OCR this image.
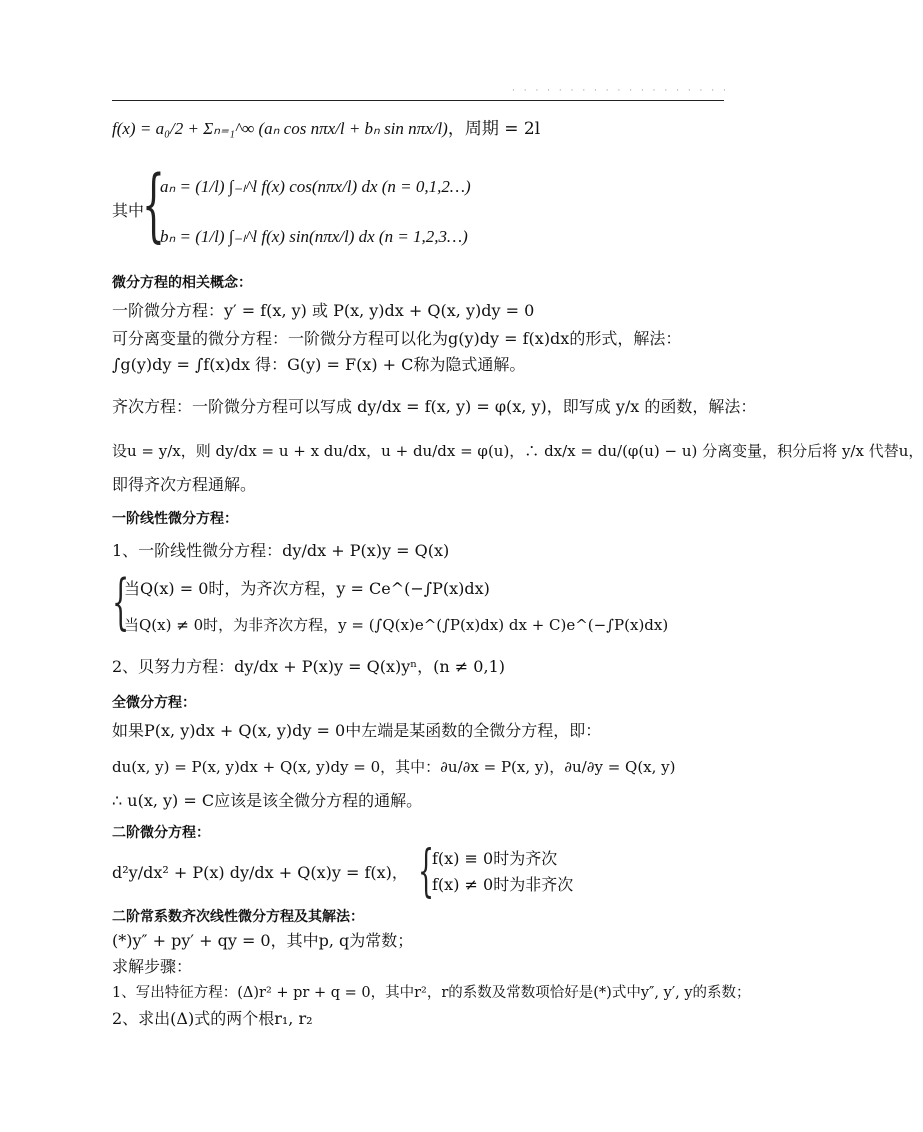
· · · · · · · · · · · · · · · · · · ·
f(x) = a₀/2 + Σₙ₌₁^∞ (aₙ cos nπx/l + bₙ sin nπx/l)，周期 = 2l
其中
{
aₙ = (1/l) ∫₋ₗ^l f(x) cos(nπx/l) dx (n = 0,1,2…)
bₙ = (1/l) ∫₋ₗ^l f(x) sin(nπx/l) dx (n = 1,2,3…)
微分方程的相关概念：
一阶微分方程：y′ = f(x, y) 或 P(x, y)dx + Q(x, y)dy = 0
可分离变量的微分方程：一阶微分方程可以化为g(y)dy = f(x)dx的形式，解法：
∫g(y)dy = ∫f(x)dx 得：G(y) = F(x) + C称为隐式通解。
齐次方程：一阶微分方程可以写成 dy/dx = f(x, y) = φ(x, y)，即写成 y/x 的函数，解法：
设u = y/x，则 dy/dx = u + x du/dx，u + du/dx = φ(u)，∴ dx/x = du/(φ(u) − u) 分离变量，积分后将 y/x 代替u，
即得齐次方程通解。
一阶线性微分方程：
1、一阶线性微分方程：dy/dx + P(x)y = Q(x)
{
当Q(x) = 0时，为齐次方程，y = Ce^(−∫P(x)dx)
当Q(x) ≠ 0时，为非齐次方程，y = (∫Q(x)e^(∫P(x)dx) dx + C)e^(−∫P(x)dx)
2、贝努力方程：dy/dx + P(x)y = Q(x)yⁿ，(n ≠ 0,1)
全微分方程：
如果P(x, y)dx + Q(x, y)dy = 0中左端是某函数的全微分方程，即：
du(x, y) = P(x, y)dx + Q(x, y)dy = 0，其中：∂u/∂x = P(x, y)，∂u/∂y = Q(x, y)
∴ u(x, y) = C应该是该全微分方程的通解。
二阶微分方程：
d²y/dx² + P(x) dy/dx + Q(x)y = f(x)， {
f(x) ≡ 0时为齐次
f(x) ≠ 0时为非齐次
二阶常系数齐次线性微分方程及其解法：
(*)y″ + py′ + qy = 0，其中p, q为常数；
求解步骤：
1、写出特征方程：(Δ)r² + pr + q = 0，其中r²，r的系数及常数项恰好是(*)式中y″, y′, y的系数；
2、求出(Δ)式的两个根r₁, r₂
